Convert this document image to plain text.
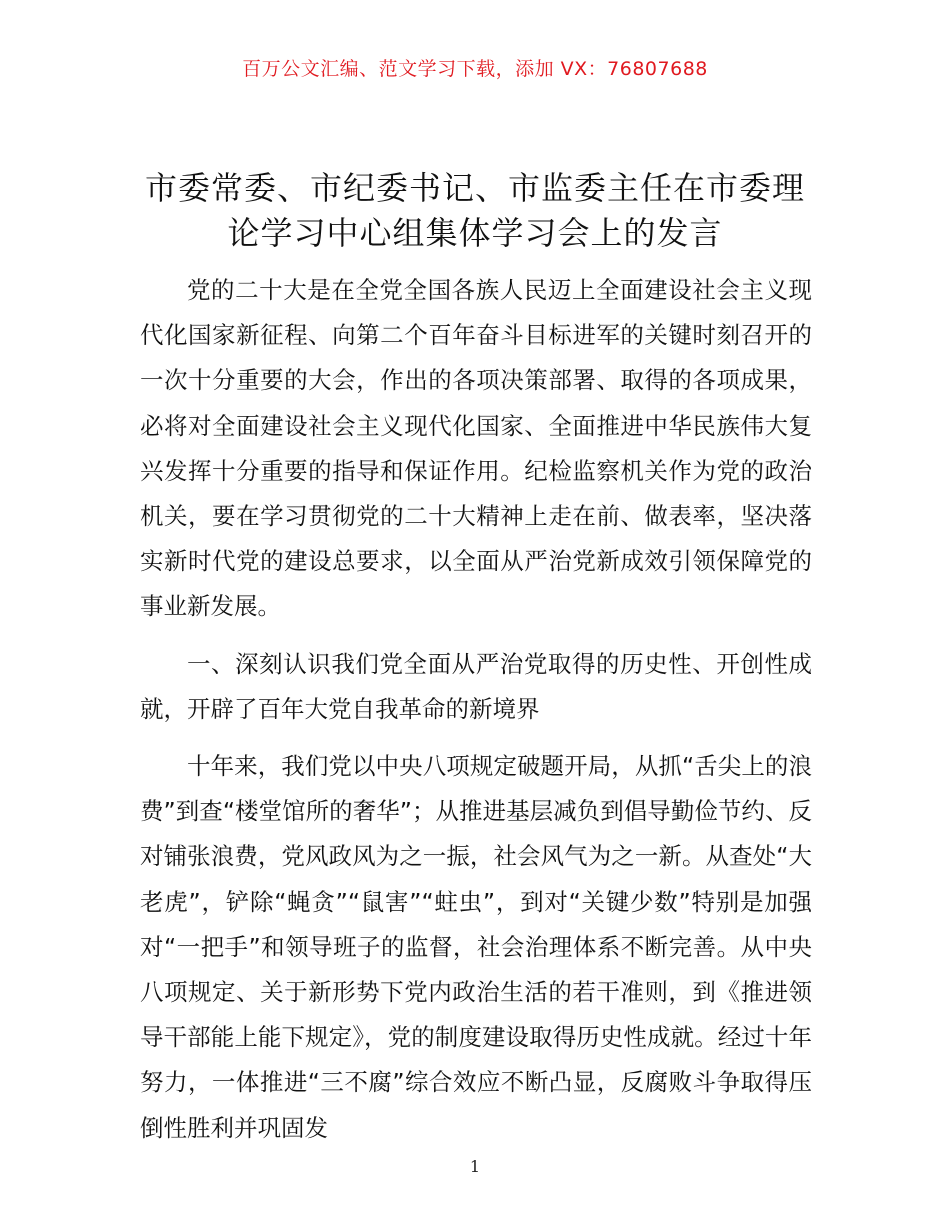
百万公文汇编、范文学习下载，添加 VX：76807688
市委常委、市纪委书记、市监委主任在市委理论学习中心组集体学习会上的发言

党的二十大是在全党全国各族人民迈上全面建设社会主义现代化国家新征程、向第二个百年奋斗目标进军的关键时刻召开的一次十分重要的大会，作出的各项决策部署、取得的各项成果，必将对全面建设社会主义现代化国家、全面推进中华民族伟大复兴发挥十分重要的指导和保证作用。纪检监察机关作为党的政治机关，要在学习贯彻党的二十大精神上走在前、做表率，坚决落实新时代党的建设总要求，以全面从严治党新成效引领保障党的事业新发展。

一、深刻认识我们党全面从严治党取得的历史性、开创性成就，开辟了百年大党自我革命的新境界

十年来，我们党以中央八项规定破题开局，从抓“舌尖上的浪费”到查“楼堂馆所的奢华”；从推进基层减负到倡导勤俭节约、反对铺张浪费，党风政风为之一振，社会风气为之一新。从查处“大老虎”，铲除“蝇贪”“鼠害”“蛀虫”，到对“关键少数”特别是加强对“一把手”和领导班子的监督，社会治理体系不断完善。从中央八项规定、关于新形势下党内政治生活的若干准则，到《推进领导干部能上能下规定》，党的制度建设取得历史性成就。经过十年努力，一体推进“三不腐”综合效应不断凸显，反腐败斗争取得压倒性胜利并巩固发

1
